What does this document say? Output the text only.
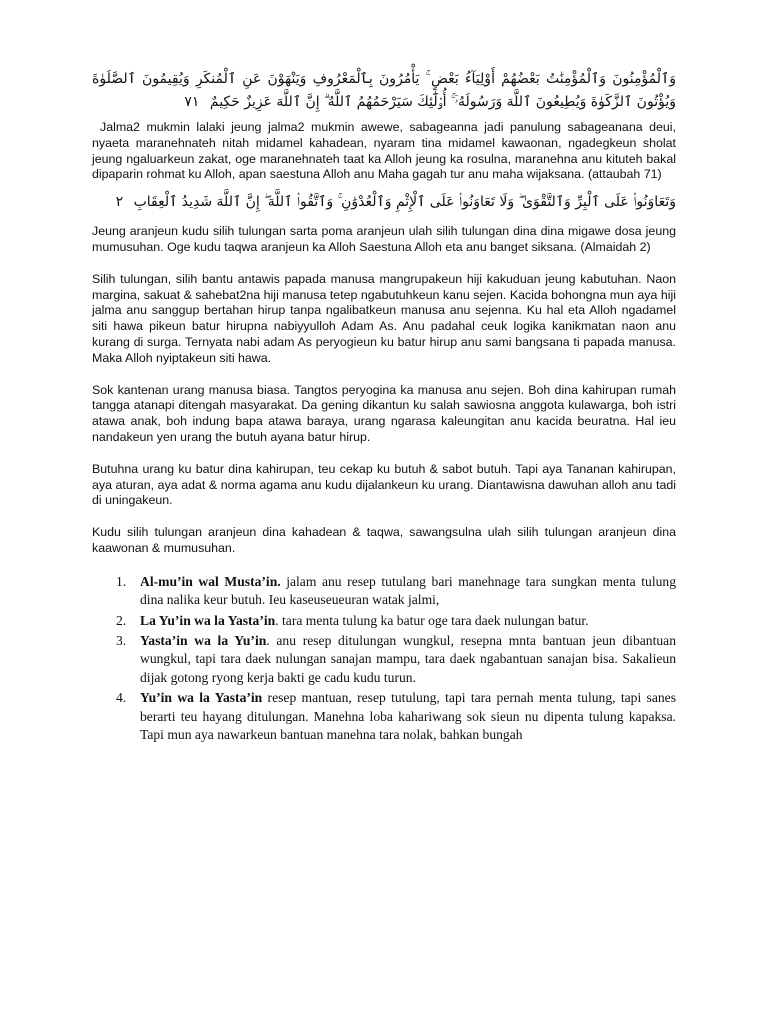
وَٱلْمُؤْمِنُونَ وَٱلْمُؤْمِنَٰتُ بَعْضُهُمْ أَوْلِيَآءُ بَعْضٍ ۚ يَأْمُرُونَ بِٱلْمَعْرُوفِ وَيَنْهَوْنَ عَنِ ٱلْمُنكَرِ وَيُقِيمُونَ ٱلصَّلَوٰةَ وَيُؤْتُونَ ٱلزَّكَوٰةَ وَيُطِيعُونَ ٱللَّهَ وَرَسُولَهُۥٓ ۚ أُو۟لَٰٓئِكَ سَيَرْحَمُهُمُ ٱللَّهُ ۗ إِنَّ ٱللَّهَ عَزِيزٌ حَكِيمٌ ٧١

Jalma2 mukmin lalaki jeung jalma2 mukmin awewe, sabageanna jadi panulung sabageanana deui, nyaeta maranehnateh nitah midamel kahadean, nyaram tina midamel kawaonan, ngadegkeun sholat jeung ngaluarkeun zakat, oge maranehnateh taat ka Alloh jeung ka rosulna, maranehna anu kituteh bakal dipaparin rohmat ku Alloh, apan saestuna Alloh anu Maha gagah tur anu maha wijaksana. (attaubah 71)

وَتَعَاوَنُوا۟ عَلَى ٱلْبِرِّ وَٱلتَّقْوَىٰ ۖ وَلَا تَعَاوَنُوا۟ عَلَى ٱلْإِثْمِ وَٱلْعُدْوَٰنِ ۚ وَٱتَّقُوا۟ ٱللَّهَ ۖ إِنَّ ٱللَّهَ شَدِيدُ ٱلْعِقَابِ ٢

Jeung aranjeun kudu silih tulungan sarta poma aranjeun ulah silih tulungan dina dina migawe dosa jeung mumusuhan. Oge kudu taqwa aranjeun ka Alloh Saestuna Alloh eta anu banget siksana. (Almaidah 2)

Silih tulungan, silih bantu antawis papada manusa mangrupakeun hiji kakuduan jeung kabutuhan. Naon margina, sakuat & sahebat2na hiji manusa tetep ngabutuhkeun kanu sejen. Kacida bohongna mun aya hiji jalma anu sanggup bertahan hirup tanpa ngalibatkeun manusa anu sejenna. Ku hal eta Alloh ngadamel siti hawa pikeun batur hirupna nabiyyulloh Adam As. Anu padahal ceuk logika kanikmatan naon anu kurang di surga. Ternyata nabi adam As peryogieun ku batur hirup anu sami bangsana ti papada manusa. Maka Alloh nyiptakeun siti hawa.

Sok kantenan urang manusa biasa. Tangtos peryogina ka manusa anu sejen. Boh dina kahirupan rumah tangga atanapi ditengah masyarakat. Da gening dikantun ku salah sawiosna anggota kulawarga, boh istri atawa anak, boh indung bapa atawa baraya, urang ngarasa kaleungitan anu kacida beuratna. Hal ieu nandakeun yen urang the butuh ayana batur hirup.

Butuhna urang ku batur dina kahirupan, teu cekap ku butuh & sabot butuh. Tapi aya Tananan kahirupan, aya aturan, aya adat & norma agama anu kudu dijalankeun ku urang. Diantawisna dawuhan alloh anu tadi di uningakeun.

Kudu silih tulungan aranjeun dina kahadean & taqwa, sawangsulna ulah silih tulungan aranjeun dina kaawonan & mumusuhan.

1. Al-mu’in wal Musta’in. jalam anu resep tutulang bari manehnage tara sungkan menta tulung dina nalika keur butuh. Ieu kaseuseueuran watak jalmi,
2. La Yu’in wa la Yasta’in. tara menta tulung ka batur oge tara daek nulungan batur.
3. Yasta’in wa la Yu’in. anu resep ditulungan wungkul, resepna mnta bantuan jeun dibantuan wungkul, tapi tara daek nulungan sanajan mampu, tara daek ngabantuan sanajan bisa. Sakalieun dijak gotong ryong kerja bakti ge cadu kudu turun.
4. Yu’in wa la Yasta’in resep mantuan, resep tutulung, tapi tara pernah menta tulung, tapi sanes berarti teu hayang ditulungan. Manehna loba kahariwang sok sieun nu dipenta tulung kapaksa. Tapi mun aya nawarkeun bantuan manehna tara nolak, bahkan bungah
